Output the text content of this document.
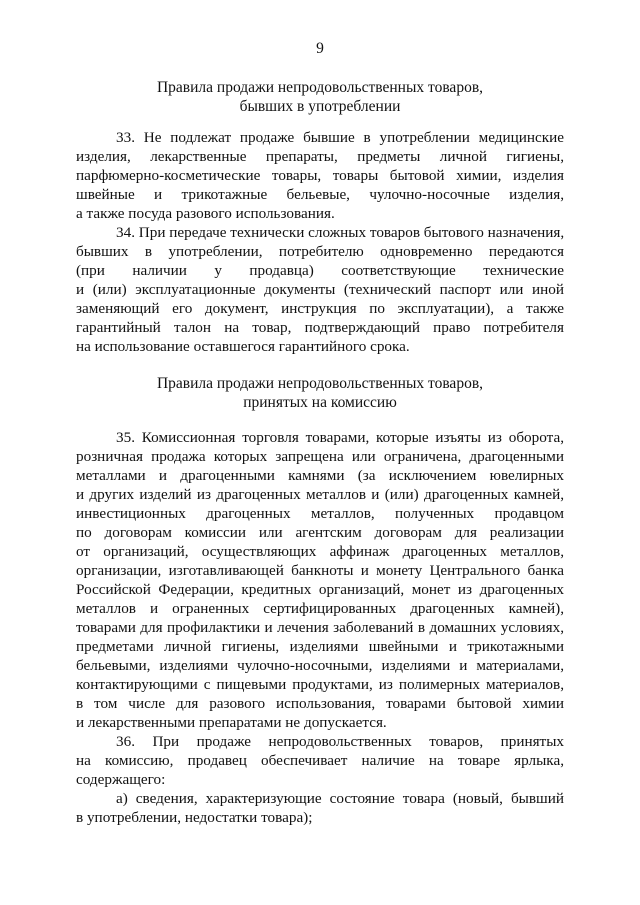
9
Правила продажи непродовольственных товаров,
бывших в употреблении
33. Не подлежат продаже бывшие в употреблении медицинские
изделия, лекарственные препараты, предметы личной гигиены,
парфюмерно-косметические товары, товары бытовой химии, изделия
швейные и трикотажные бельевые, чулочно-носочные изделия,
а также посуда разового использования.
34. При передаче технически сложных товаров бытового назначения,
бывших в употреблении, потребителю одновременно передаются
(при наличии у продавца) соответствующие технические
и (или) эксплуатационные документы (технический паспорт или иной
заменяющий его документ, инструкция по эксплуатации), а также
гарантийный талон на товар, подтверждающий право потребителя
на использование оставшегося гарантийного срока.
Правила продажи непродовольственных товаров,
принятых на комиссию
35. Комиссионная торговля товарами, которые изъяты из оборота,
розничная продажа которых запрещена или ограничена, драгоценными
металлами и драгоценными камнями (за исключением ювелирных
и других изделий из драгоценных металлов и (или) драгоценных камней,
инвестиционных драгоценных металлов, полученных продавцом
по договорам комиссии или агентским договорам для реализации
от организаций, осуществляющих аффинаж драгоценных металлов,
организации, изготавливающей банкноты и монету Центрального банка
Российской Федерации, кредитных организаций, монет из драгоценных
металлов и ограненных сертифицированных драгоценных камней),
товарами для профилактики и лечения заболеваний в домашних условиях,
предметами личной гигиены, изделиями швейными и трикотажными
бельевыми, изделиями чулочно-носочными, изделиями и материалами,
контактирующими с пищевыми продуктами, из полимерных материалов,
в том числе для разового использования, товарами бытовой химии
и лекарственными препаратами не допускается.
36. При продаже непродовольственных товаров, принятых
на комиссию, продавец обеспечивает наличие на товаре ярлыка,
содержащего:
а) сведения, характеризующие состояние товара (новый, бывший
в употреблении, недостатки товара);
